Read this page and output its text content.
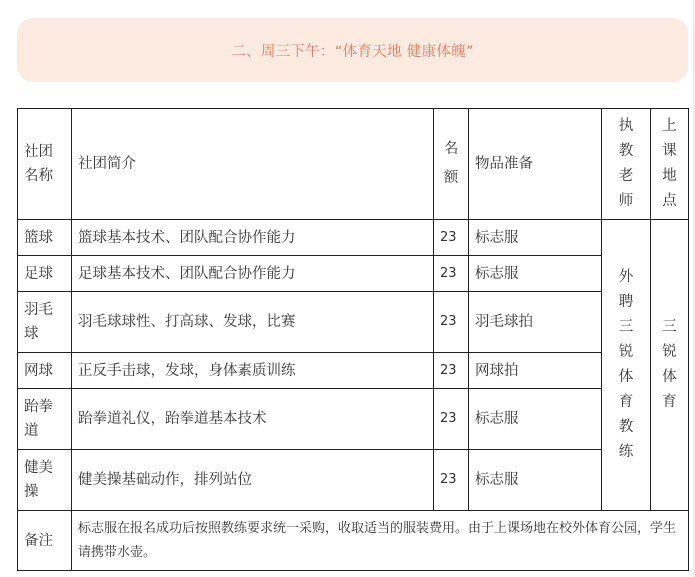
二、周三下午：“体育天地 健康体魄”
社团名称	社团简介	名额	物品准备	执教老师	上课地点
篮球	篮球基本技术、团队配合协作能力	23	标志服	外聘三锐体育教练	三锐体育
足球	足球基本技术、团队配合协作能力	23	标志服		
羽毛球	羽毛球球性、打高球、发球，比赛	23	羽毛球拍		
网球	正反手击球，发球，身体素质训练	23	网球拍		
跆拳道	跆拳道礼仪，跆拳道基本技术	23	标志服		
健美操	健美操基础动作，排列站位	23	标志服		
备注	标志服在报名成功后按照教练要求统一采购，收取适当的服装费用。由于上课场地在校外体育公园，学生请携带水壶。				
